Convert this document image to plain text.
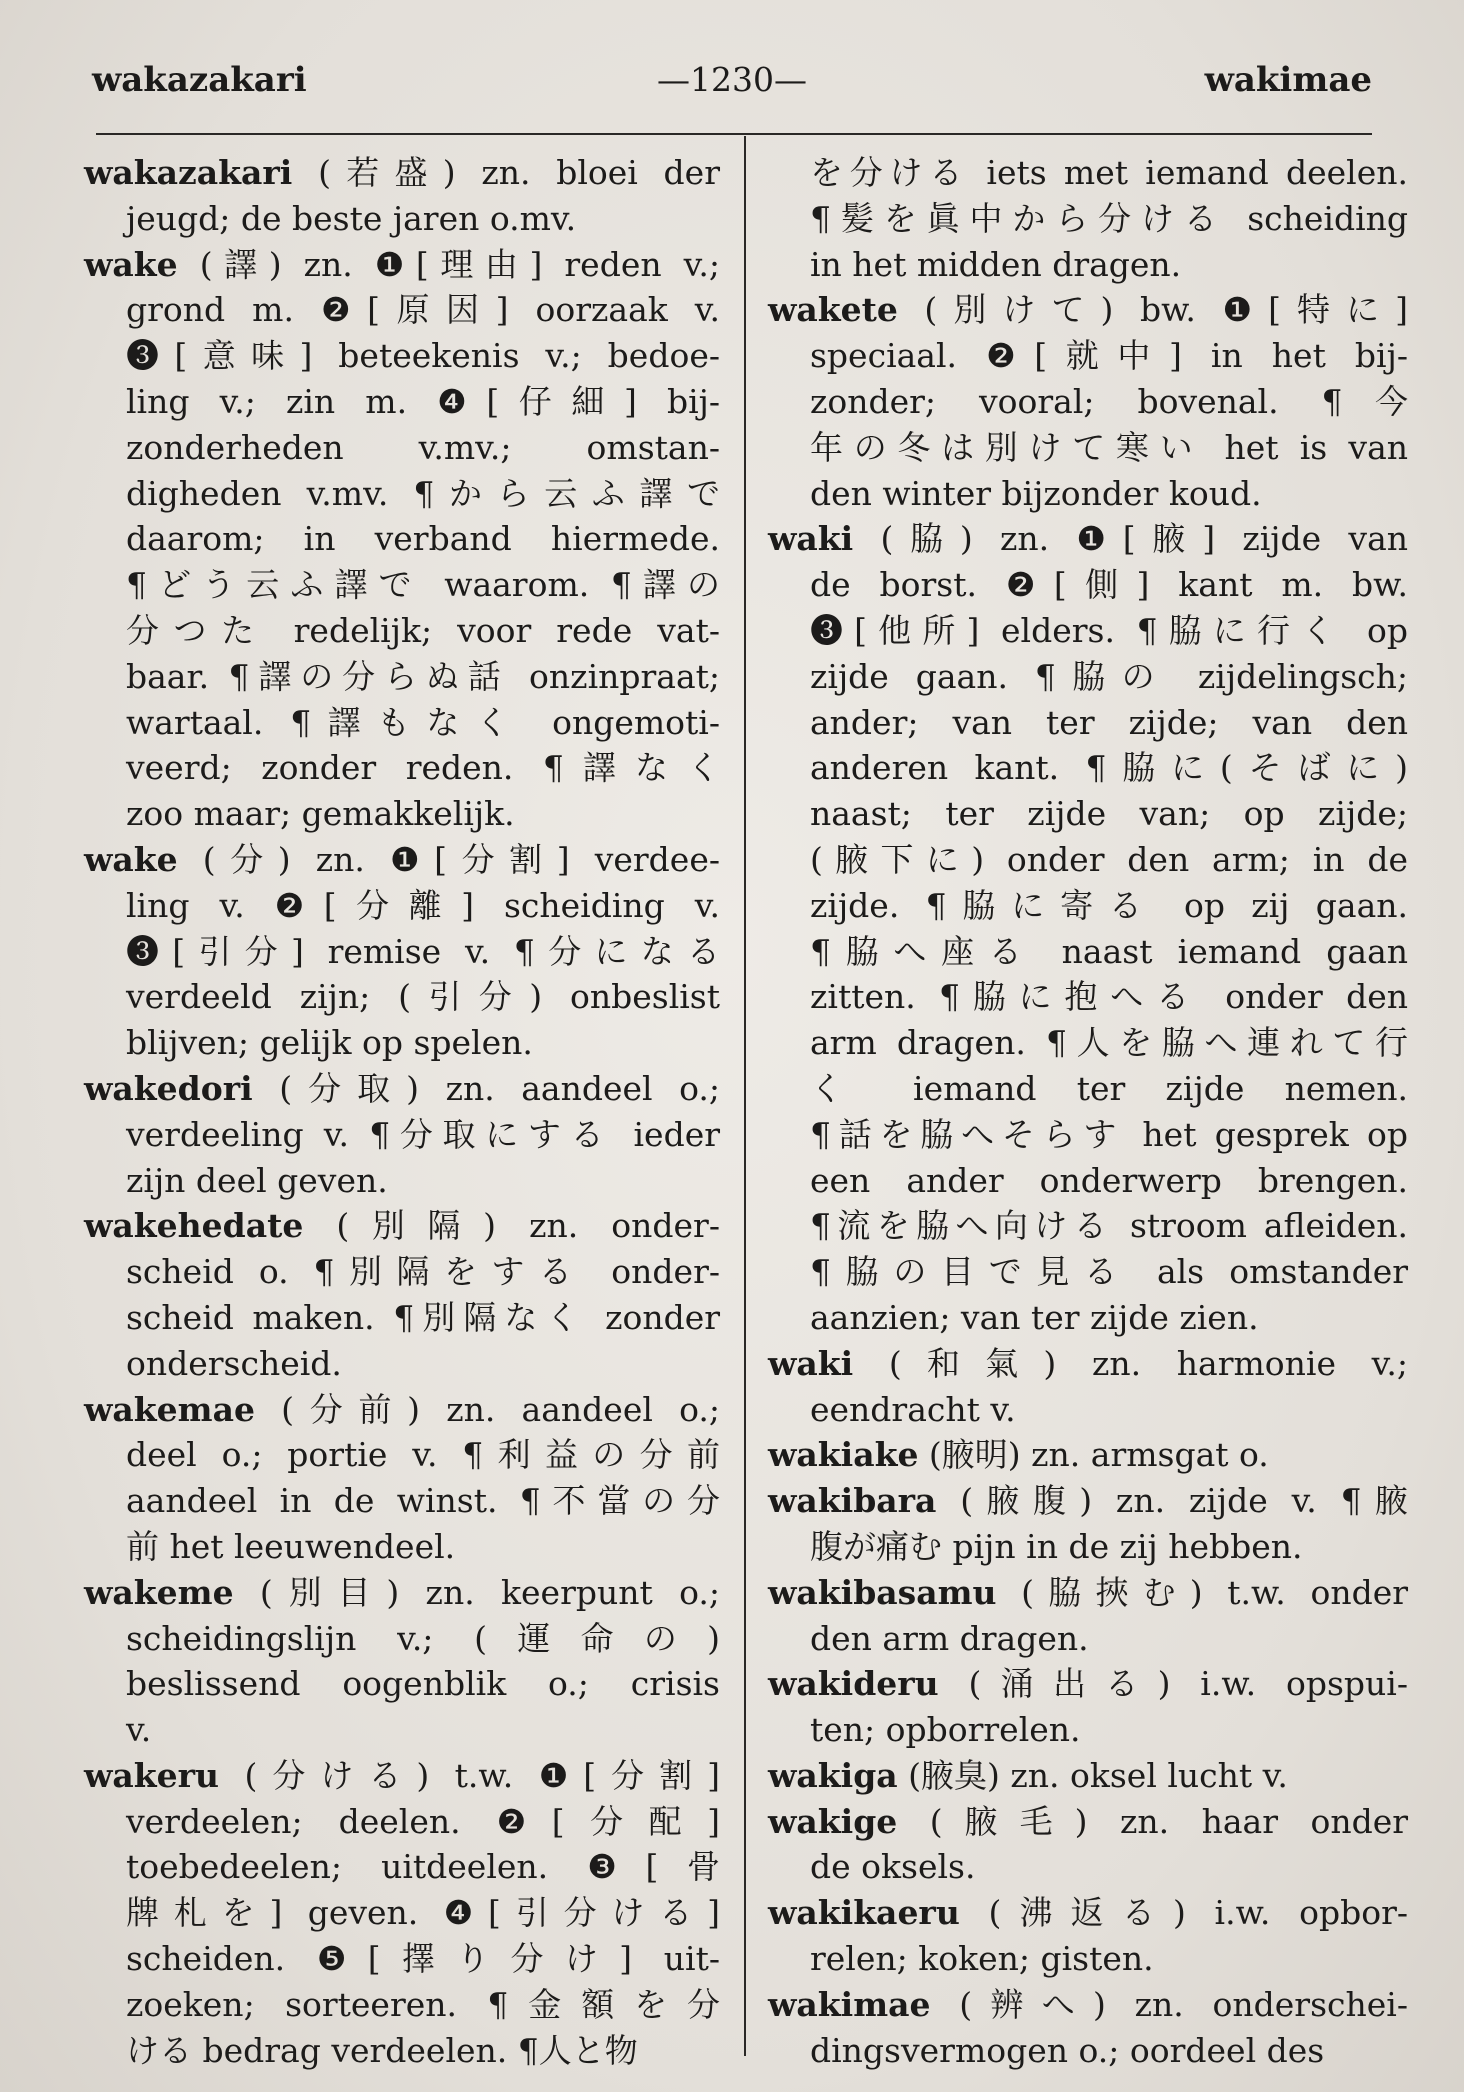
wakazakari	—1230—	wakimae
wakazakari (若盛) zn. bloei der
jeugd; de beste jaren o.mv.
wake (譯) zn. ❶[理由] reden v.;
grond m. ❷[原因] oorzaak v.
❸[意味] beteekenis v.; bedoe-
ling v.; zin m. ❹[仔細] bij-
zonderheden v.mv.; omstan-
digheden v.mv. ¶から云ふ譯で
daarom; in verband hiermede.
¶どう云ふ譯で waarom. ¶譯の
分つた redelijk; voor rede vat-
baar. ¶譯の分らぬ話 onzinpraat;
wartaal. ¶譯もなく ongemoti-
veerd; zonder reden. ¶譯なく
zoo maar; gemakkelijk.
wake (分) zn. ❶[分割] verdee-
ling v. ❷[分離] scheiding v.
❸[引分] remise v. ¶分になる
verdeeld zijn; (引分) onbeslist
blijven; gelijk op spelen.
wakedori (分取) zn. aandeel o.;
verdeeling v. ¶分取にする ieder
zijn deel geven.
wakehedate (別隔) zn. onder-
scheid o. ¶別隔をする onder-
scheid maken. ¶別隔なく zonder
onderscheid.
wakemae (分前) zn. aandeel o.;
deel o.; portie v. ¶利益の分前
aandeel in de winst. ¶不當の分
前 het leeuwendeel.
wakeme (別目) zn. keerpunt o.;
scheidingslijn v.; (運命の)
beslissend oogenblik o.; crisis
v.
wakeru (分ける) t.w. ❶[分割]
verdeelen; deelen. ❷[分配]
toebedeelen; uitdeelen. ❸[骨
牌札を] geven. ❹[引分ける]
scheiden. ❺[擇り分け] uit-
zoeken; sorteeren. ¶金額を分
ける bedrag verdeelen. ¶人と物
を分ける iets met iemand deelen.
¶髪を眞中から分ける scheiding
in het midden dragen.
wakete (別けて) bw. ❶[特に]
speciaal. ❷[就中] in het bij-
zonder; vooral; bovenal. ¶今
年の冬は別けて寒い het is van
den winter bijzonder koud.
waki (脇) zn. ❶[腋] zijde van
de borst. ❷[側] kant m. bw.
❸[他所] elders. ¶脇に行く op
zijde gaan. ¶脇の zijdelingsch;
ander; van ter zijde; van den
anderen kant. ¶脇に(そばに)
naast; ter zijde van; op zijde;
(腋下に) onder den arm; in de
zijde. ¶脇に寄る op zij gaan.
¶脇へ座る naast iemand gaan
zitten. ¶脇に抱へる onder den
arm dragen. ¶人を脇へ連れて行
く iemand ter zijde nemen.
¶話を脇へそらす het gesprek op
een ander onderwerp brengen.
¶流を脇へ向ける stroom afleiden.
¶脇の目で見る als omstander
aanzien; van ter zijde zien.
waki (和氣) zn. harmonie v.;
eendracht v.
wakiake (腋明) zn. armsgat o.
wakibara (腋腹) zn. zijde v. ¶腋
腹が痛む pijn in de zij hebben.
wakibasamu (脇挾む) t.w. onder
den arm dragen.
wakideru (涌出る) i.w. opspui-
ten; opborrelen.
wakiga (腋臭) zn. oksel lucht v.
wakige (腋毛) zn. haar onder
de oksels.
wakikaeru (沸返る) i.w. opbor-
relen; koken; gisten.
wakimae (辨へ) zn. onderschei-
dingsvermogen o.; oordeel des
